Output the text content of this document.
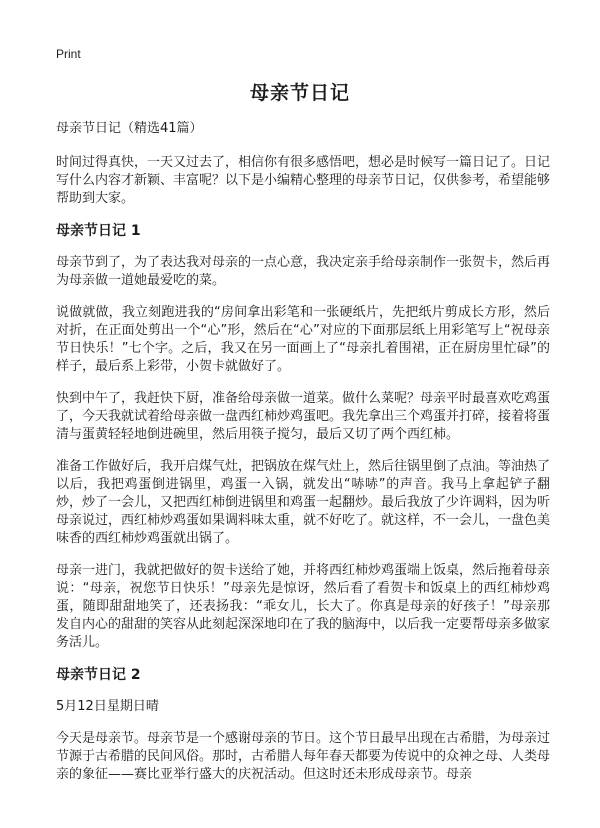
Print
母亲节日记

母亲节日记（精选41篇）

时间过得真快，一天又过去了，相信你有很多感悟吧，想必是时候写一篇日记了。日记写什么内容才新颖、丰富呢？以下是小编精心整理的母亲节日记，仅供参考，希望能够帮助到大家。

母亲节日记 1

母亲节到了，为了表达我对母亲的一点心意，我决定亲手给母亲制作一张贺卡，然后再为母亲做一道她最爱吃的菜。

说做就做，我立刻跑进我的“房间拿出彩笔和一张硬纸片，先把纸片剪成长方形，然后对折，在正面处剪出一个“心”形，然后在“心”对应的下面那层纸上用彩笔写上“祝母亲节日快乐！”七个字。之后，我又在另一面画上了“母亲扎着围裙，正在厨房里忙碌”的样子，最后系上彩带，小贺卡就做好了。

快到中午了，我赶快下厨，准备给母亲做一道菜。做什么菜呢？母亲平时最喜欢吃鸡蛋了，今天我就试着给母亲做一盘西红柿炒鸡蛋吧。我先拿出三个鸡蛋并打碎，接着将蛋清与蛋黄轻轻地倒进碗里，然后用筷子搅匀，最后又切了两个西红柿。

准备工作做好后，我开启煤气灶，把锅放在煤气灶上，然后往锅里倒了点油。等油热了以后，我把鸡蛋倒进锅里，鸡蛋一入锅，就发出“哧哧”的声音。我马上拿起铲子翻炒，炒了一会儿，又把西红柿倒进锅里和鸡蛋一起翻炒。最后我放了少许调料，因为听母亲说过，西红柿炒鸡蛋如果调料味太重，就不好吃了。就这样，不一会儿，一盘色美味香的西红柿炒鸡蛋就出锅了。

母亲一进门，我就把做好的贺卡送给了她，并将西红柿炒鸡蛋端上饭桌，然后拖着母亲说：“母亲，祝您节日快乐！”母亲先是惊讶，然后看了看贺卡和饭桌上的西红柿炒鸡蛋，随即甜甜地笑了，还表扬我：“乖女儿，长大了。你真是母亲的好孩子！”母亲那发自内心的甜甜的笑容从此刻起深深地印在了我的脑海中，以后我一定要帮母亲多做家务活儿。

母亲节日记 2
5月12日星期日晴

今天是母亲节。母亲节是一个感谢母亲的节日。这个节日最早出现在古希腊，为母亲过节源于古希腊的民间风俗。那时，古希腊人每年春天都要为传说中的众神之母、人类母亲的象征——赛比亚举行盛大的庆祝活动。但这时还未形成母亲节。母亲
